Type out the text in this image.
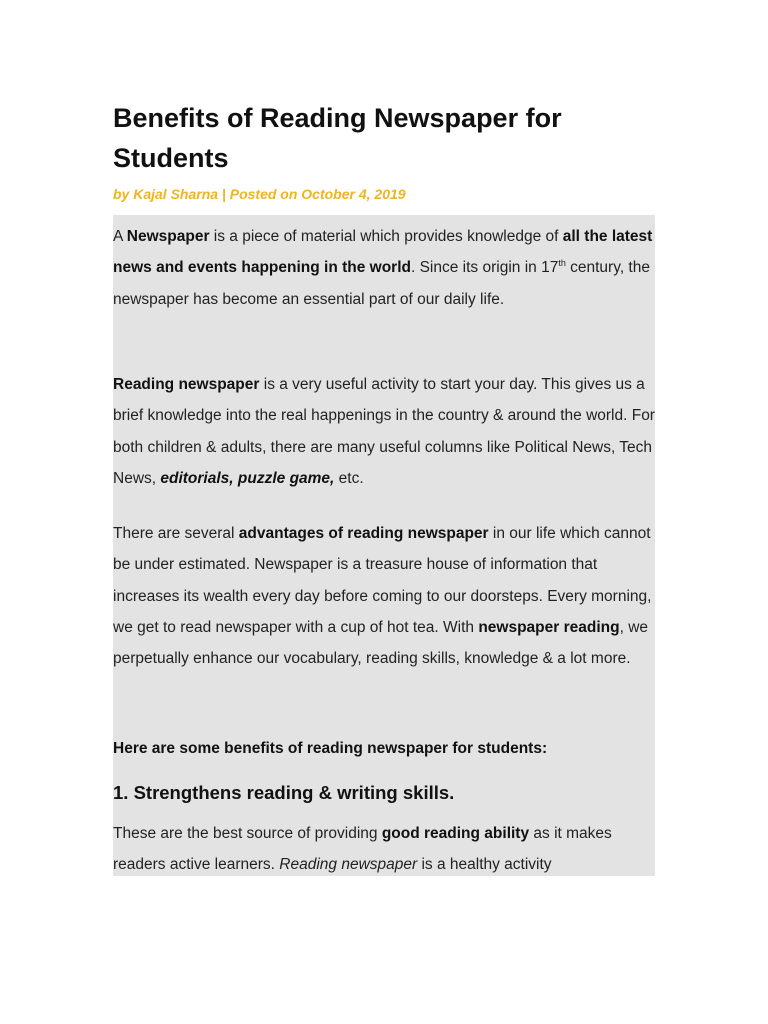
Benefits of Reading Newspaper for Students
by Kajal Sharna | Posted on October 4, 2019

A Newspaper is a piece of material which provides knowledge of all the latest news and events happening in the world. Since its origin in 17th century, the newspaper has become an essential part of our daily life.

Reading newspaper is a very useful activity to start your day. This gives us a brief knowledge into the real happenings in the country & around the world. For both children & adults, there are many useful columns like Political News, Tech News, editorials, puzzle game, etc.

There are several advantages of reading newspaper in our life which cannot be under estimated. Newspaper is a treasure house of information that increases its wealth every day before coming to our doorsteps. Every morning, we get to read newspaper with a cup of hot tea. With newspaper reading, we perpetually enhance our vocabulary, reading skills, knowledge & a lot more.

Here are some benefits of reading newspaper for students:

1. Strengthens reading & writing skills.

These are the best source of providing good reading ability as it makes readers active learners. Reading newspaper is a healthy activity
